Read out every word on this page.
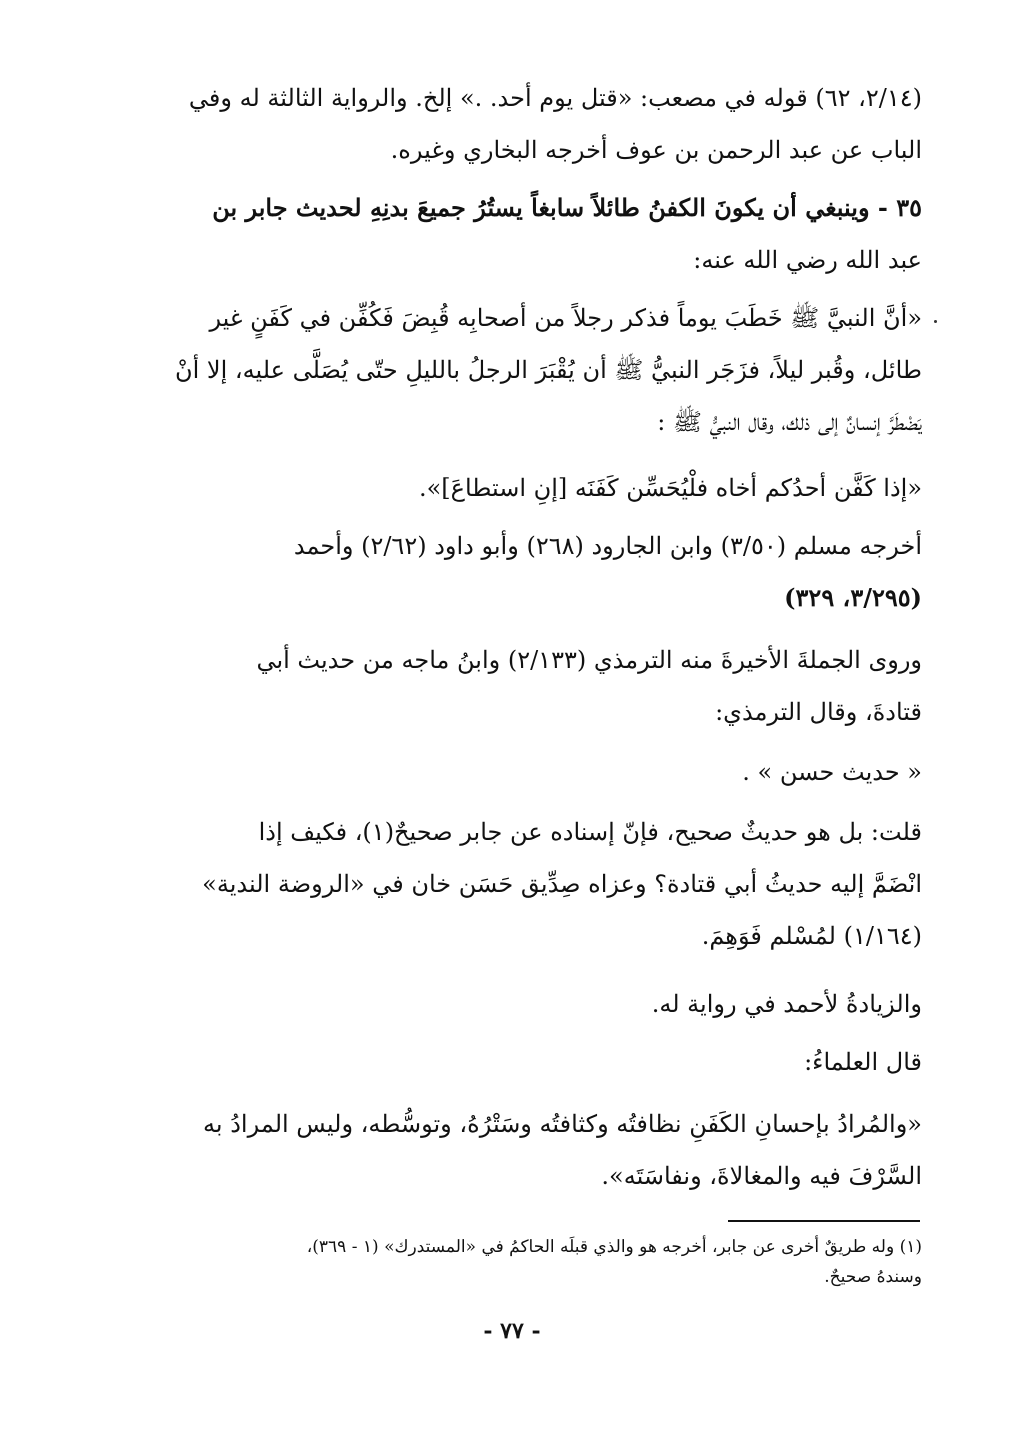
(٢/١٤، ٦٢) قوله في مصعب: «قتل يوم أحد. .» إلخ. والرواية الثالثة له وفي
الباب عن عبد الرحمن بن عوف أخرجه البخاري وغيره.
٣٥ - وينبغي أن يكونَ الكفنُ طائلاً سابغاً يستُرُ جميعَ بدنِهِ لحديث جابر بن
عبد الله رضي الله عنه:
«أنَّ النبيَّ ﷺ خَطَبَ يوماً فذكر رجلاً من أصحابِه قُبِضَ فَكُفِّن في كَفَنٍ غير
طائل، وقُبر ليلاً، فزَجَر النبيُّ ﷺ أن يُقْبَرَ الرجلُ بالليلِ حتّى يُصَلَّى عليه، إلا أنْ
يَضْطَرَّ إنسانٌ إلى ذلك، وقال النبيُّ ﷺ :
«إذا كَفَّن أحدُكم أخاه فلْيُحَسِّن كَفَنَه [إنِ استطاعَ]».
أخرجه مسلم (٣/٥٠) وابن الجارود (٢٦٨) وأبو داود (٢/٦٢) وأحمد
(٣/٢٩٥، ٣٢٩)
وروى الجملةَ الأخيرةَ منه الترمذي (٢/١٣٣) وابنُ ماجه من حديث أبي
قتادةَ، وقال الترمذي:
« حديث حسن » .
قلت: بل هو حديثٌ صحيح، فإنّ إسناده عن جابر صحيحٌ(١)، فكيف إذا
انْضَمَّ إليه حديثُ أبي قتادة؟ وعزاه صِدِّيق حَسَن خان في «الروضة الندية»
(١/١٦٤) لمُسْلم فَوَهِمَ.
والزيادةُ لأحمد في رواية له.
قال العلماءُ:
«والمُرادُ بإحسانِ الكَفَنِ نظافتُه وكثافتُه وسَتْرُهُ، وتوسُّطه، وليس المرادُ به
السَّرْفَ فيه والمغالاةَ، ونفاسَتَه».
(١) وله طريقٌ أخرى عن جابر، أخرجه هو والذي قبلَه الحاكمُ في «المستدرك» (١ - ٣٦٩)،
وسندهُ صحيحٌ.
- ٧٧ -
